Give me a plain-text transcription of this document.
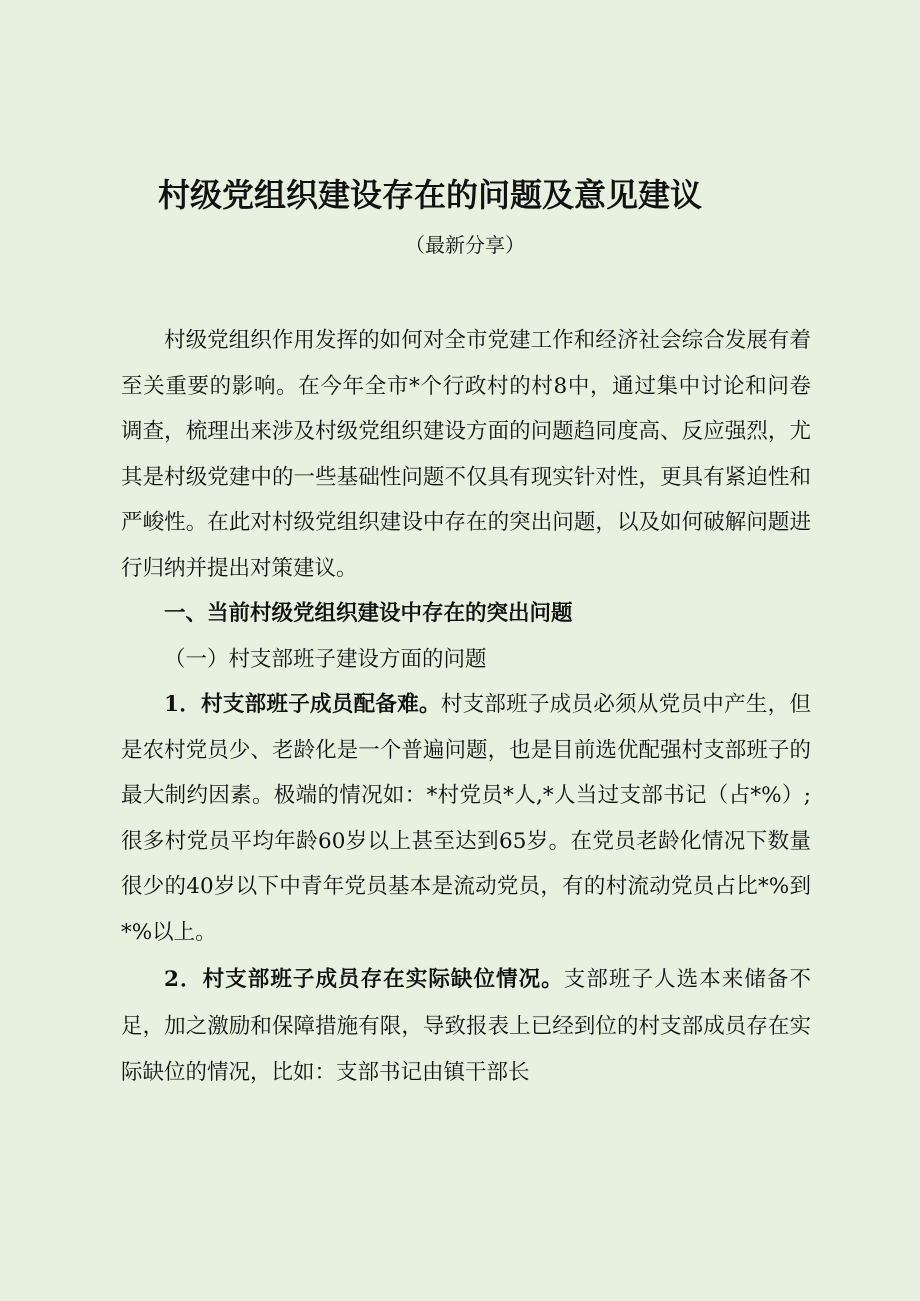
村级党组织建设存在的问题及意见建议

（最新分享）

村级党组织作用发挥的如何对全市党建工作和经济社会综合发展有着至关重要的影响。在今年全市*个行政村的村8中，通过集中讨论和问卷调查，梳理出来涉及村级党组织建设方面的问题趋同度高、反应强烈，尤其是村级党建中的一些基础性问题不仅具有现实针对性，更具有紧迫性和严峻性。在此对村级党组织建设中存在的突出问题，以及如何破解问题进行归纳并提出对策建议。

一、当前村级党组织建设中存在的突出问题

（一）村支部班子建设方面的问题

1．村支部班子成员配备难。村支部班子成员必须从党员中产生，但是农村党员少、老龄化是一个普遍问题，也是目前选优配强村支部班子的最大制约因素。极端的情况如：*村党员*人,*人当过支部书记（占*%）;很多村党员平均年龄60岁以上甚至达到65岁。在党员老龄化情况下数量很少的40岁以下中青年党员基本是流动党员，有的村流动党员占比*%到*%以上。

2．村支部班子成员存在实际缺位情况。支部班子人选本来储备不足，加之激励和保障措施有限，导致报表上已经到位的村支部成员存在实际缺位的情况，比如：支部书记由镇干部长
